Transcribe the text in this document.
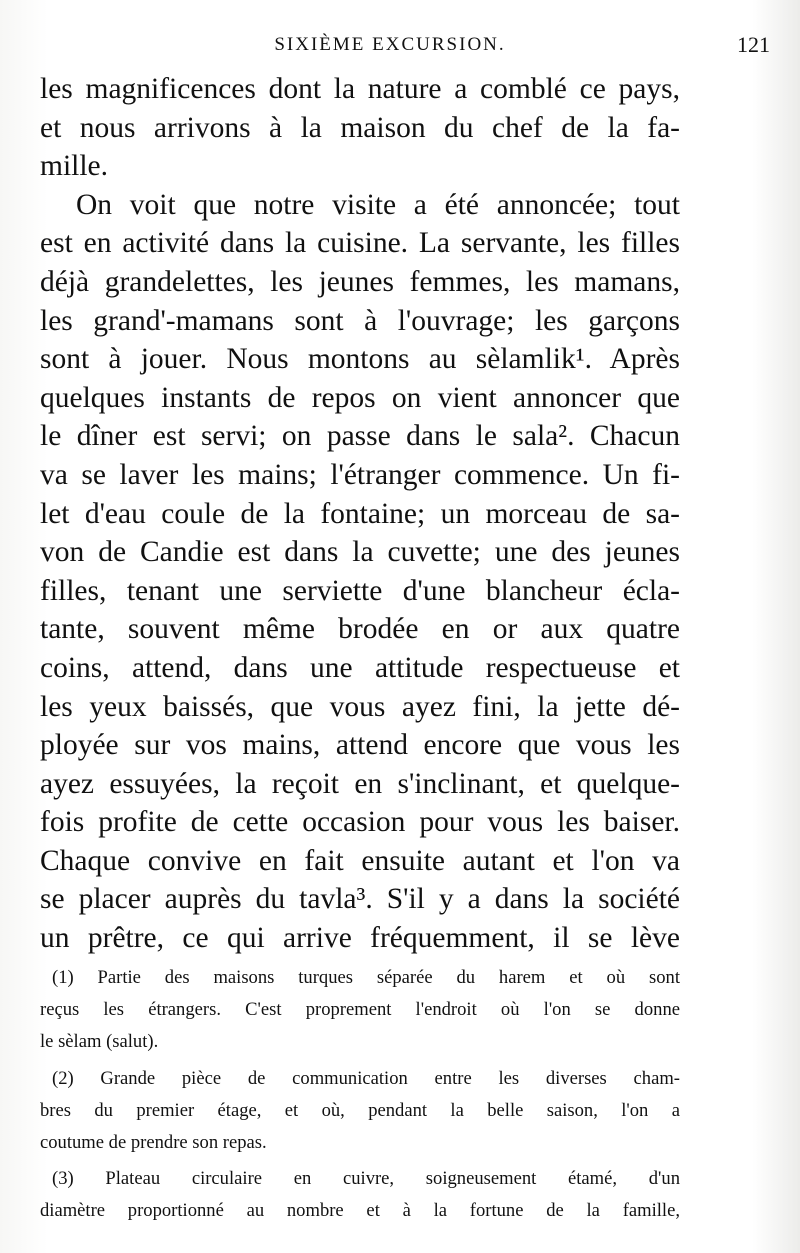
SIXIÈME EXCURSION.	121
les magnificences dont la nature a comblé ce pays,
et nous arrivons à la maison du chef de la fa-
mille.
On voit que notre visite a été annoncée; tout
est en activité dans la cuisine. La servante, les filles
déjà grandelettes, les jeunes femmes, les mamans,
les grand'-mamans sont à l'ouvrage; les garçons
sont à jouer. Nous montons au sèlamlik¹. Après
quelques instants de repos on vient annoncer que
le dîner est servi; on passe dans le sala². Chacun
va se laver les mains; l'étranger commence. Un fi-
let d'eau coule de la fontaine; un morceau de sa-
von de Candie est dans la cuvette; une des jeunes
filles, tenant une serviette d'une blancheur écla-
tante, souvent même brodée en or aux quatre
coins, attend, dans une attitude respectueuse et
les yeux baissés, que vous ayez fini, la jette dé-
ployée sur vos mains, attend encore que vous les
ayez essuyées, la reçoit en s'inclinant, et quelque-
fois profite de cette occasion pour vous les baiser.
Chaque convive en fait ensuite autant et l'on va
se placer auprès du tavla³. S'il y a dans la société
un prêtre, ce qui arrive fréquemment, il se lève
(1) Partie des maisons turques séparée du harem et où sont
reçus les étrangers. C'est proprement l'endroit où l'on se donne
le sèlam (salut).
(2) Grande pièce de communication entre les diverses cham-
bres du premier étage, et où, pendant la belle saison, l'on a
coutume de prendre son repas.
(3) Plateau circulaire en cuivre, soigneusement étamé, d'un
diamètre proportionné au nombre et à la fortune de la famille,
